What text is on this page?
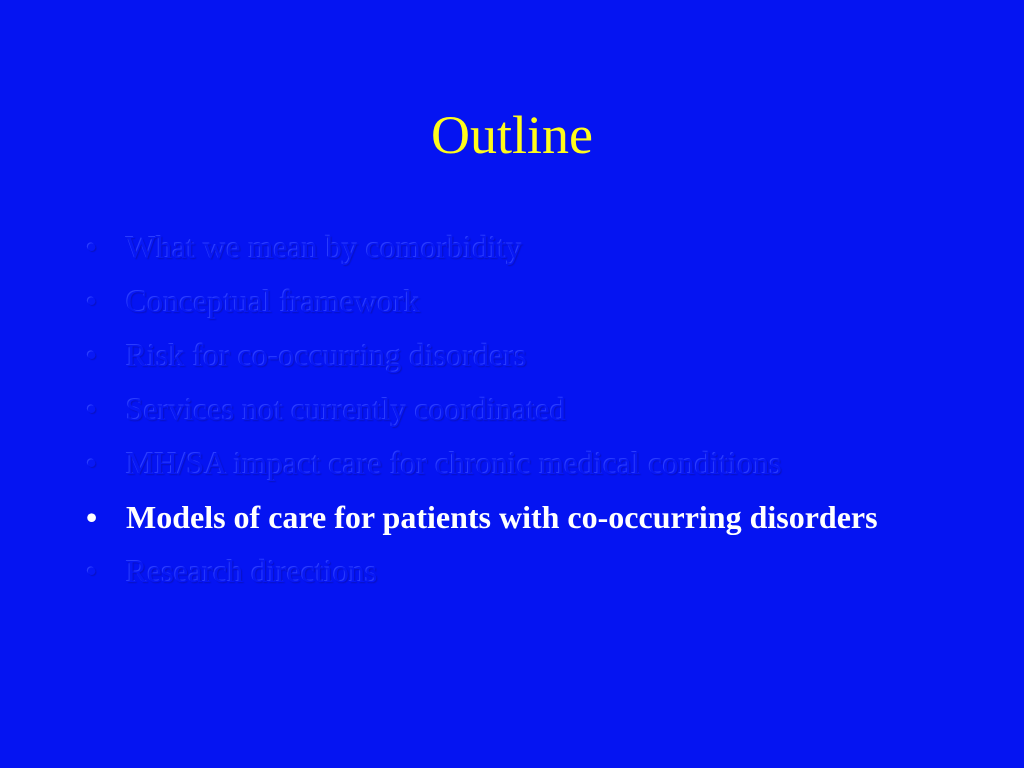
Outline
• What we mean by comorbidity
• Conceptual framework
• Risk for co-occurring disorders
• Services not currently coordinated
• MH/SA impact care for chronic medical conditions
• Models of care for patients with co-occurring disorders
• Research directions
